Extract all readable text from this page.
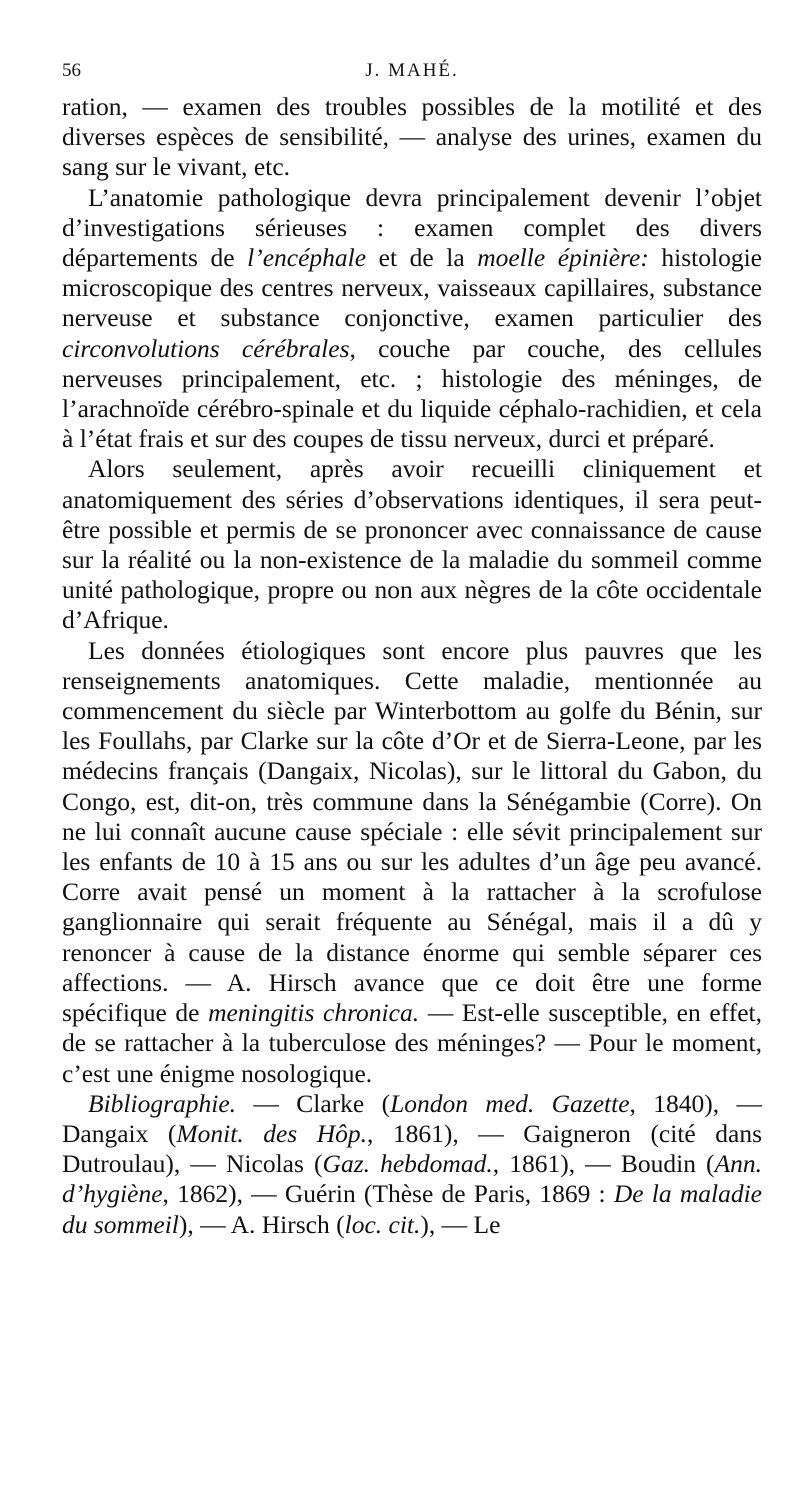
56	J. MAHÉ.

ration, — examen des troubles possibles de la motilité et des diverses espèces de sensibilité, — analyse des urines, examen du sang sur le vivant, etc.

L’anatomie pathologique devra principalement devenir l’objet d’investigations sérieuses : examen complet des divers départements de l’encéphale et de la moelle épinière: histologie microscopique des centres nerveux, vaisseaux capillaires, substance nerveuse et substance conjonctive, examen particulier des circonvolutions cérébrales, couche par couche, des cellules nerveuses principalement, etc. ; histologie des méninges, de l’arachnoïde cérébro-spinale et du liquide céphalo-rachidien, et cela à l’état frais et sur des coupes de tissu nerveux, durci et préparé.

Alors seulement, après avoir recueilli cliniquement et anatomiquement des séries d’observations identiques, il sera peut-être possible et permis de se prononcer avec connaissance de cause sur la réalité ou la non-existence de la maladie du sommeil comme unité pathologique, propre ou non aux nègres de la côte occidentale d’Afrique.

Les données étiologiques sont encore plus pauvres que les renseignements anatomiques. Cette maladie, mentionnée au commencement du siècle par Winterbottom au golfe du Bénin, sur les Foullahs, par Clarke sur la côte d’Or et de Sierra-Leone, par les médecins français (Dangaix, Nicolas), sur le littoral du Gabon, du Congo, est, dit-on, très commune dans la Sénégambie (Corre). On ne lui connaît aucune cause spéciale : elle sévit principalement sur les enfants de 10 à 15 ans ou sur les adultes d’un âge peu avancé. Corre avait pensé un moment à la rattacher à la scrofulose ganglionnaire qui serait fréquente au Sénégal, mais il a dû y renoncer à cause de la distance énorme qui semble séparer ces affections. — A. Hirsch avance que ce doit être une forme spécifique de meningitis chronica. — Est-elle susceptible, en effet, de se rattacher à la tuberculose des méninges? — Pour le moment, c’est une énigme nosologique.

Bibliographie. — Clarke (London med. Gazette, 1840), — Dangaix (Monit. des Hôp., 1861), — Gaigneron (cité dans Dutroulau), — Nicolas (Gaz. hebdomad., 1861), — Boudin (Ann. d’hygiène, 1862), — Guérin (Thèse de Paris, 1869 : De la maladie du sommeil), — A. Hirsch (loc. cit.), — Le
